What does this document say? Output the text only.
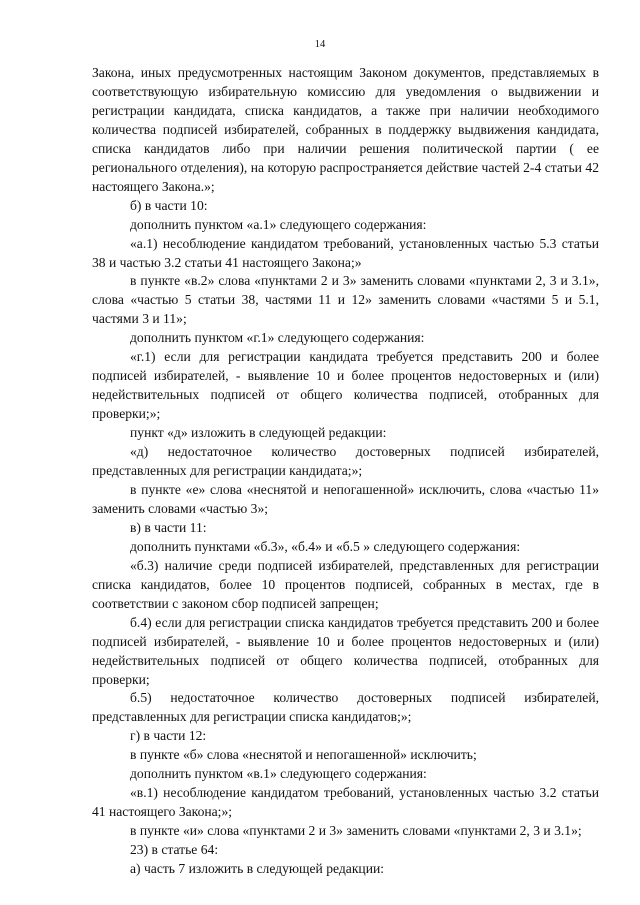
14

Закона, иных предусмотренных настоящим Законом документов, представляемых в соответствующую избирательную комиссию для уведомления о выдвижении и регистрации кандидата, списка кандидатов, а также при наличии необходимого количества подписей избирателей, собранных в поддержку выдвижения кандидата, списка кандидатов либо при наличии решения политической партии ( ее регионального отделения), на которую распространяется действие частей 2-4 статьи 42 настоящего Закона.»;

б) в части 10:

дополнить пунктом «а.1» следующего содержания:

«а.1) несоблюдение кандидатом требований, установленных частью 5.3 статьи 38 и частью 3.2 статьи 41 настоящего Закона;»

в пункте «в.2» слова «пунктами 2 и 3» заменить словами «пунктами 2, 3 и 3.1», слова «частью 5 статьи 38, частями 11 и 12» заменить словами «частями 5 и 5.1, частями 3 и 11»;

дополнить пунктом «г.1» следующего содержания:

«г.1) если для регистрации кандидата требуется представить 200 и более подписей избирателей, - выявление 10 и более процентов недостоверных и (или) недействительных подписей от общего количества подписей, отобранных для проверки;»;

пункт «д» изложить в следующей редакции:

«д) недостаточное количество достоверных подписей избирателей, представленных для регистрации кандидата;»;

в пункте «е» слова «неснятой и непогашенной» исключить, слова «частью 11» заменить словами «частью 3»;

в) в части 11:

дополнить пунктами «б.3», «б.4» и «б.5 » следующего содержания:

«б.3) наличие среди подписей избирателей, представленных для регистрации списка кандидатов, более 10 процентов подписей, собранных в местах, где в соответствии с законом сбор подписей запрещен;

б.4) если для регистрации списка кандидатов требуется представить 200 и более подписей избирателей, - выявление 10 и более процентов недостоверных и (или) недействительных подписей от общего количества подписей, отобранных для проверки;

б.5) недостаточное количество достоверных подписей избирателей, представленных для регистрации списка кандидатов;»;

г) в части 12:

в пункте «б» слова «неснятой и непогашенной» исключить;

дополнить пунктом «в.1» следующего содержания:

«в.1) несоблюдение кандидатом требований, установленных частью 3.2 статьи 41 настоящего Закона;»;

в пункте «и» слова «пунктами 2 и 3» заменить словами «пунктами 2, 3 и 3.1»;

23) в статье 64:

а) часть 7 изложить в следующей редакции:
